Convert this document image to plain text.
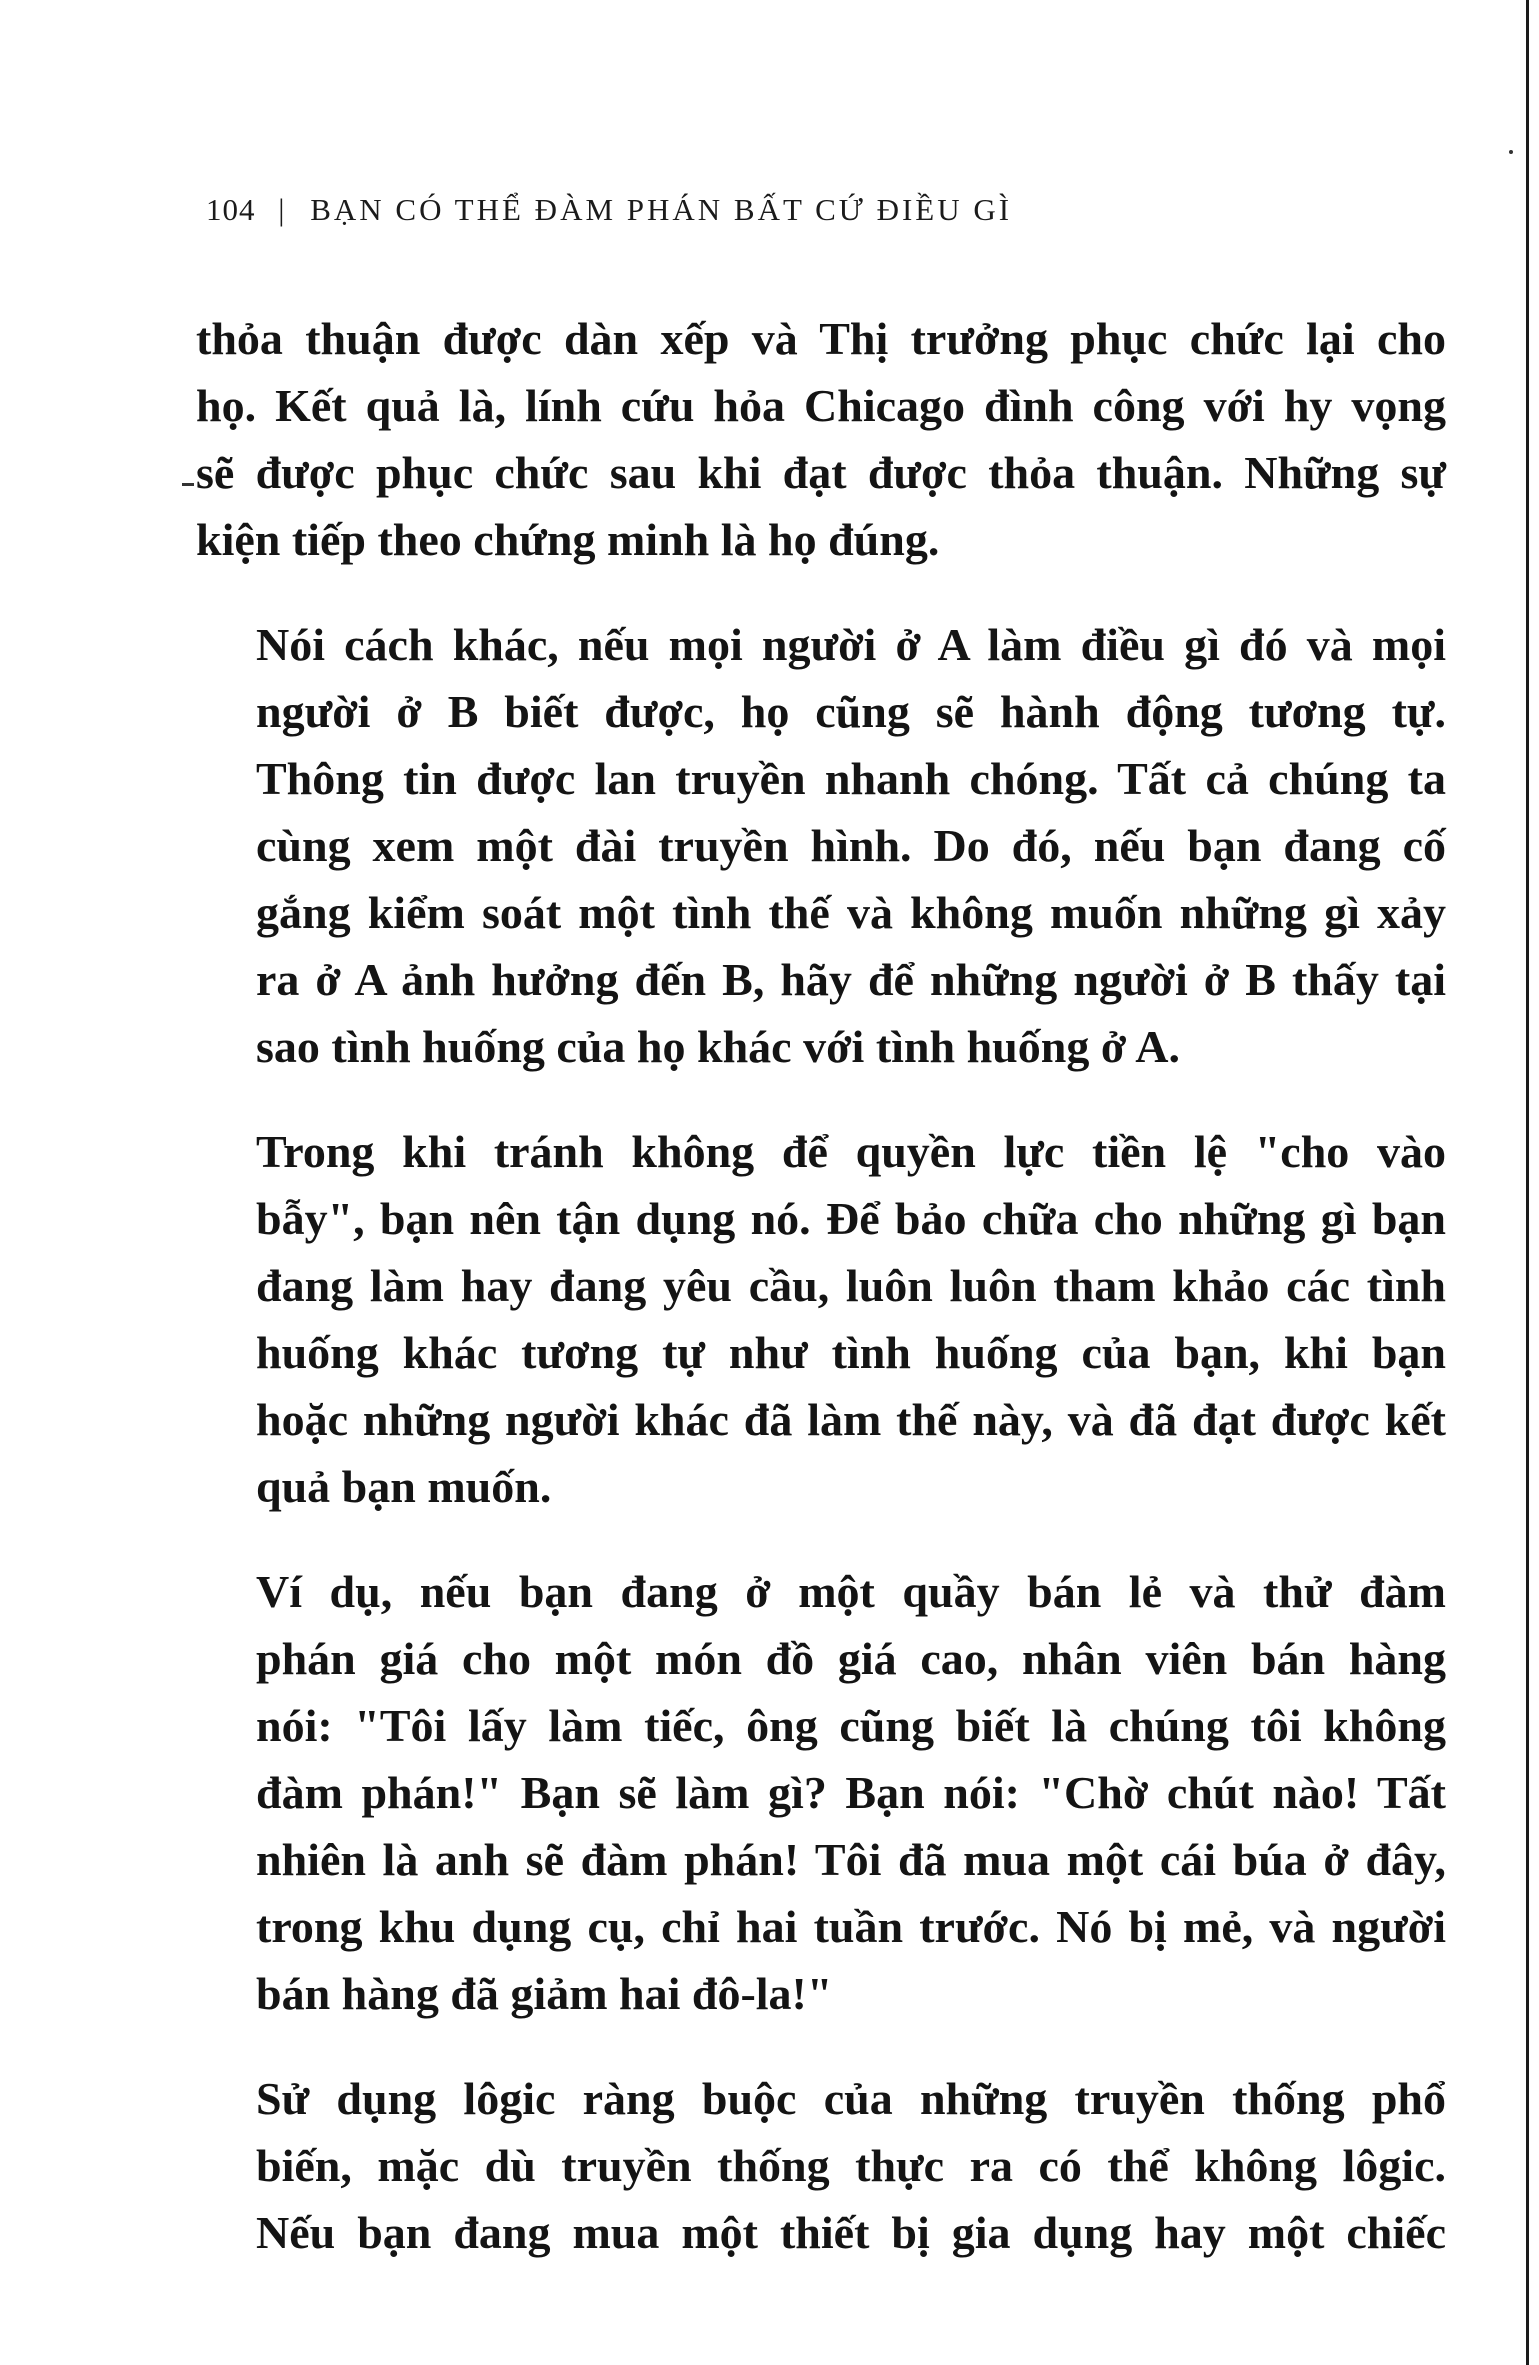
104 | BẠN CÓ THỂ ĐÀM PHÁN BẤT CỨ ĐIỀU GÌ
thỏa thuận được dàn xếp và Thị trưởng phục chức lại cho
họ. Kết quả là, lính cứu hỏa Chicago đình công với hy vọng
sẽ được phục chức sau khi đạt được thỏa thuận. Những sự
kiện tiếp theo chứng minh là họ đúng.
Nói cách khác, nếu mọi người ở A làm điều gì đó và mọi
người ở B biết được, họ cũng sẽ hành động tương tự.
Thông tin được lan truyền nhanh chóng. Tất cả chúng ta
cùng xem một đài truyền hình. Do đó, nếu bạn đang cố
gắng kiểm soát một tình thế và không muốn những gì xảy
ra ở A ảnh hưởng đến B, hãy để những người ở B thấy tại
sao tình huống của họ khác với tình huống ở A.
Trong khi tránh không để quyền lực tiền lệ "cho vào
bẫy", bạn nên tận dụng nó. Để bảo chữa cho những gì bạn
đang làm hay đang yêu cầu, luôn luôn tham khảo các tình
huống khác tương tự như tình huống của bạn, khi bạn
hoặc những người khác đã làm thế này, và đã đạt được kết
quả bạn muốn.
Ví dụ, nếu bạn đang ở một quầy bán lẻ và thử đàm
phán giá cho một món đồ giá cao, nhân viên bán hàng
nói: "Tôi lấy làm tiếc, ông cũng biết là chúng tôi không
đàm phán!" Bạn sẽ làm gì? Bạn nói: "Chờ chút nào! Tất
nhiên là anh sẽ đàm phán! Tôi đã mua một cái búa ở đây,
trong khu dụng cụ, chỉ hai tuần trước. Nó bị mẻ, và người
bán hàng đã giảm hai đô-la!"
Sử dụng lôgic ràng buộc của những truyền thống phổ
biến, mặc dù truyền thống thực ra có thể không lôgic.
Nếu bạn đang mua một thiết bị gia dụng hay một chiếc
